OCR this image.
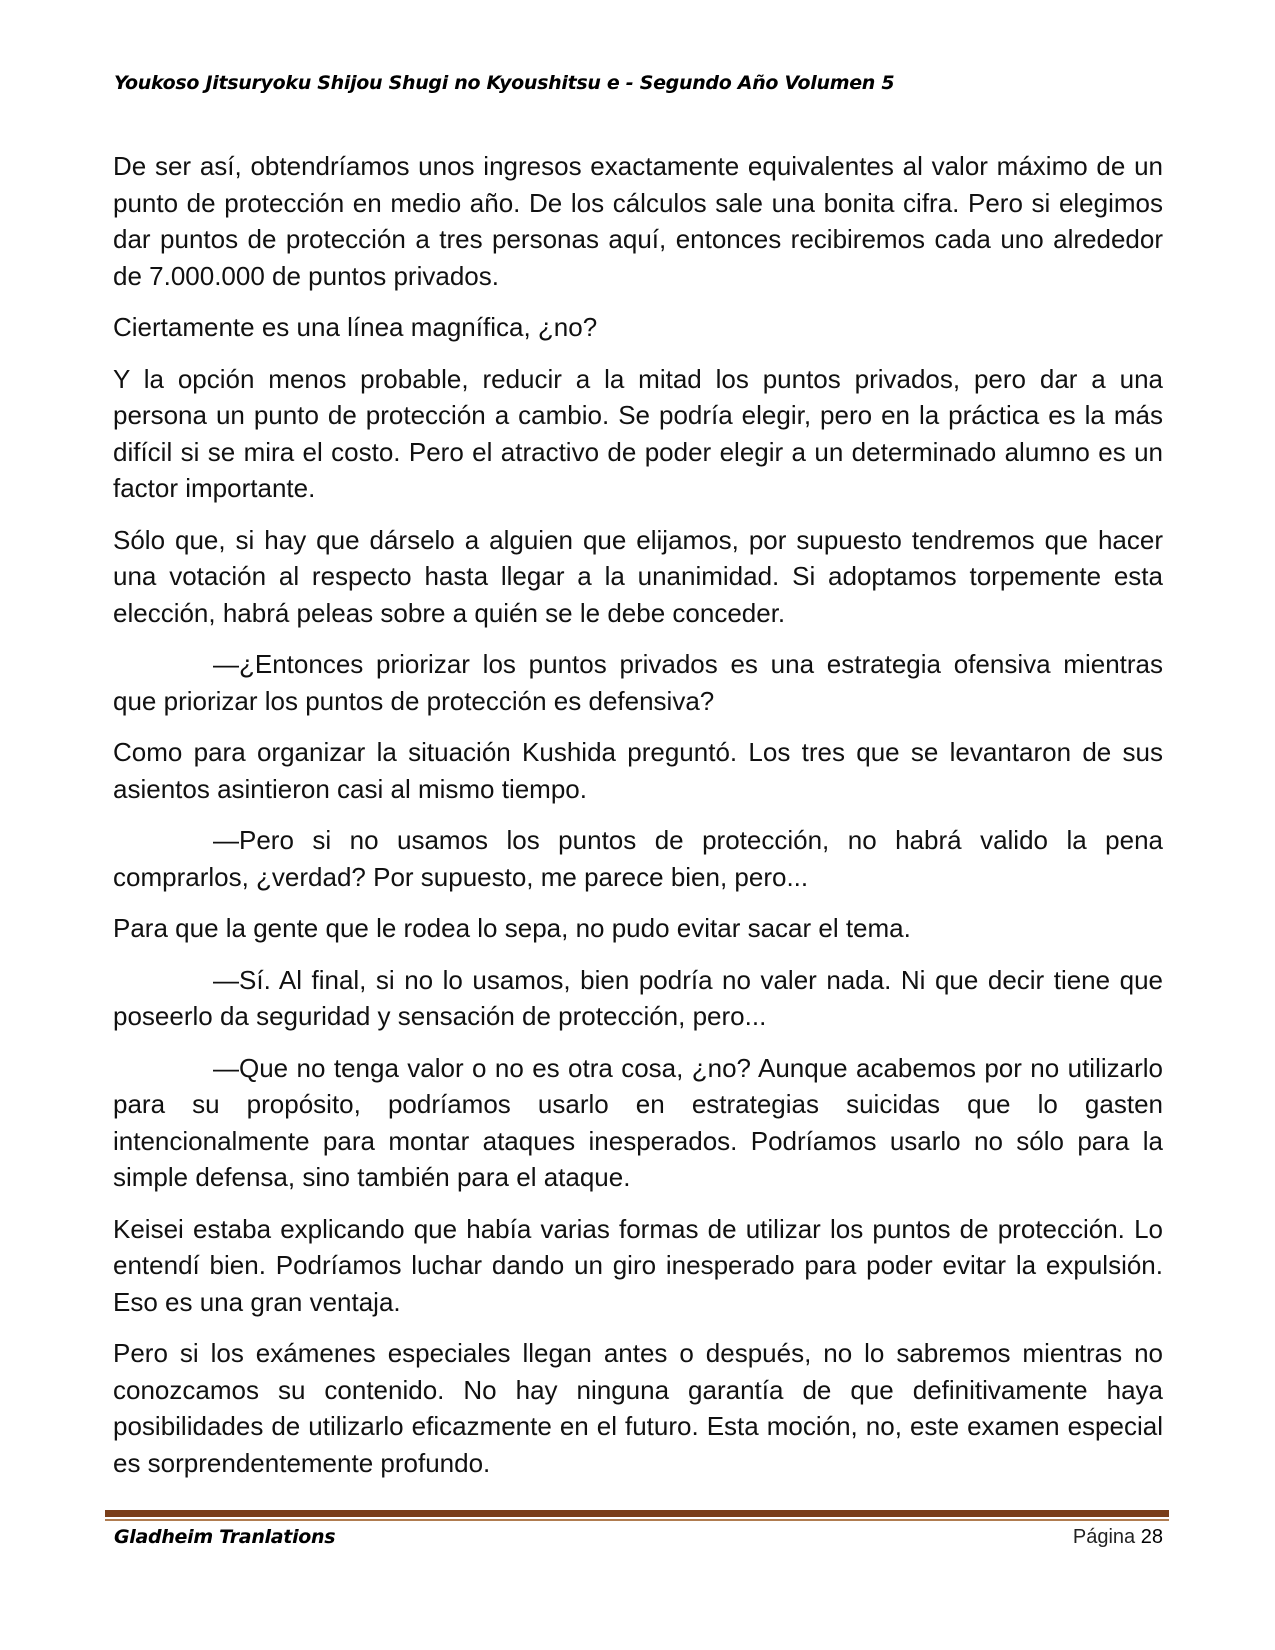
Youkoso Jitsuryoku Shijou Shugi no Kyoushitsu e - Segundo Año Volumen 5

De ser así, obtendríamos unos ingresos exactamente equivalentes al valor máximo de un punto de protección en medio año. De los cálculos sale una bonita cifra. Pero si elegimos dar puntos de protección a tres personas aquí, entonces recibiremos cada uno alrededor de 7.000.000 de puntos privados.

Ciertamente es una línea magnífica, ¿no?

Y la opción menos probable, reducir a la mitad los puntos privados, pero dar a una persona un punto de protección a cambio. Se podría elegir, pero en la práctica es la más difícil si se mira el costo. Pero el atractivo de poder elegir a un determinado alumno es un factor importante.

Sólo que, si hay que dárselo a alguien que elijamos, por supuesto tendremos que hacer una votación al respecto hasta llegar a la unanimidad. Si adoptamos torpemente esta elección, habrá peleas sobre a quién se le debe conceder.

—¿Entonces priorizar los puntos privados es una estrategia ofensiva mientras que priorizar los puntos de protección es defensiva?

Como para organizar la situación Kushida preguntó. Los tres que se levantaron de sus asientos asintieron casi al mismo tiempo.

—Pero si no usamos los puntos de protección, no habrá valido la pena comprarlos, ¿verdad? Por supuesto, me parece bien, pero...

Para que la gente que le rodea lo sepa, no pudo evitar sacar el tema.

—Sí. Al final, si no lo usamos, bien podría no valer nada. Ni que decir tiene que poseerlo da seguridad y sensación de protección, pero...

—Que no tenga valor o no es otra cosa, ¿no? Aunque acabemos por no utilizarlo para su propósito, podríamos usarlo en estrategias suicidas que lo gasten intencionalmente para montar ataques inesperados. Podríamos usarlo no sólo para la simple defensa, sino también para el ataque.

Keisei estaba explicando que había varias formas de utilizar los puntos de protección. Lo entendí bien. Podríamos luchar dando un giro inesperado para poder evitar la expulsión. Eso es una gran ventaja.

Pero si los exámenes especiales llegan antes o después, no lo sabremos mientras no conozcamos su contenido. No hay ninguna garantía de que definitivamente haya posibilidades de utilizarlo eficazmente en el futuro. Esta moción, no, este examen especial es sorprendentemente profundo.

Gladheim Tranlations	Página 28
